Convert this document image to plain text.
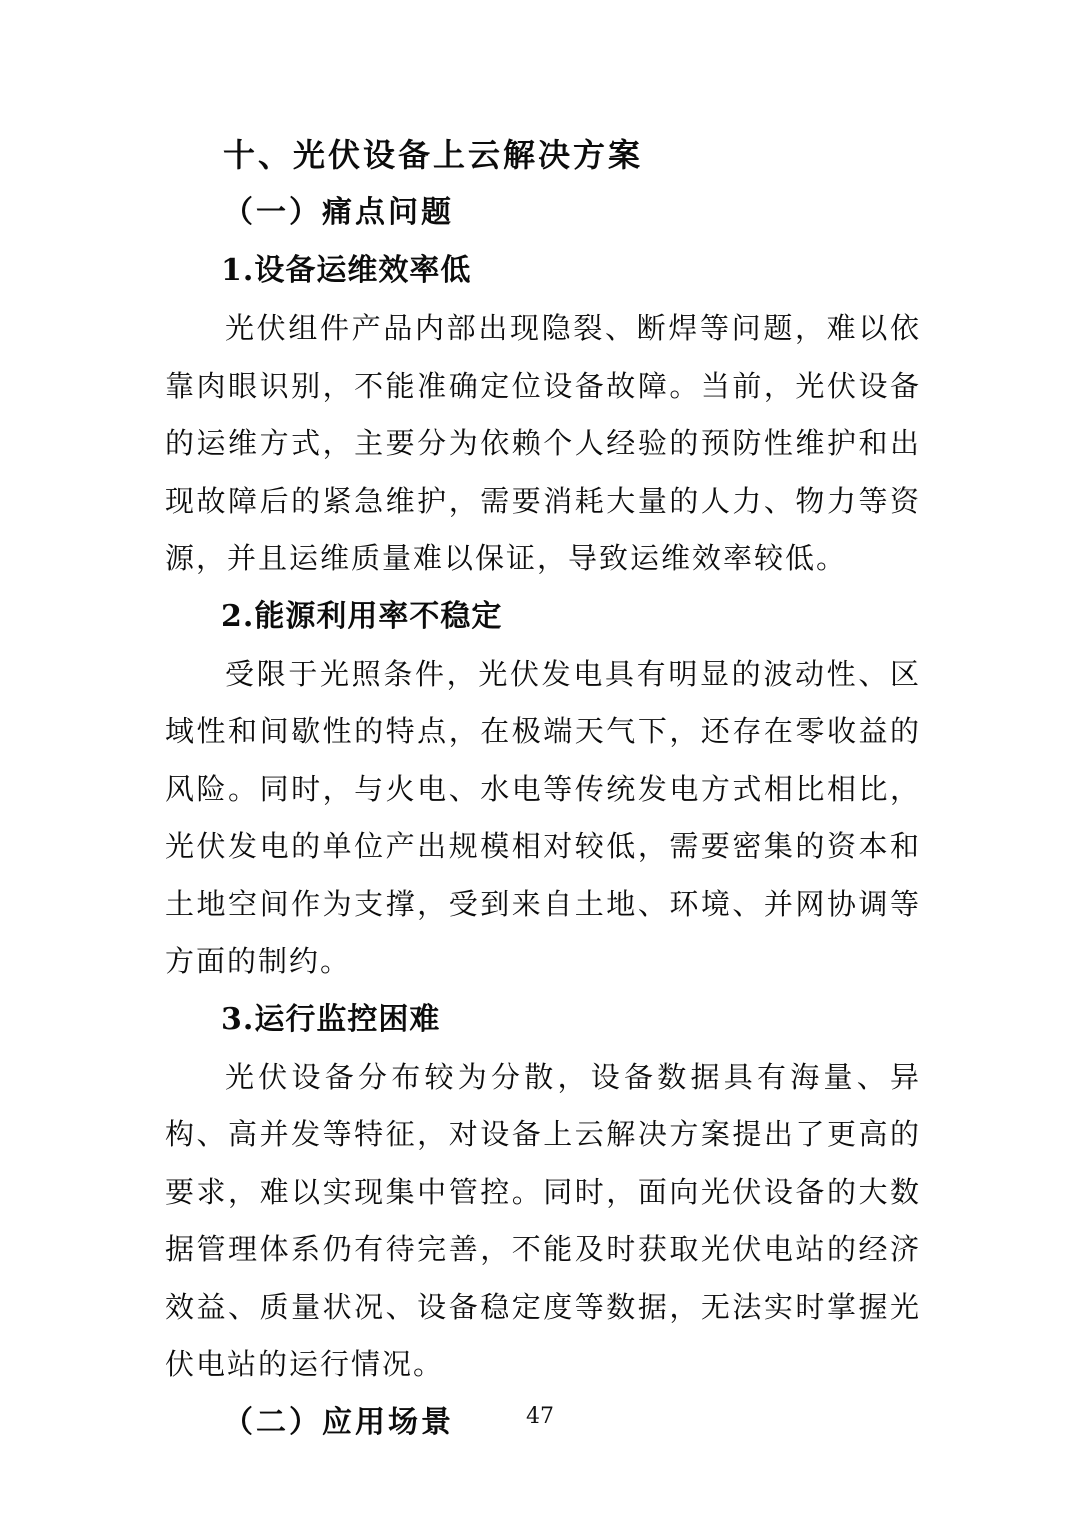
十、光伏设备上云解决方案
（一）痛点问题
1.设备运维效率低

光伏组件产品内部出现隐裂、断焊等问题，难以依靠肉眼识别，不能准确定位设备故障。当前，光伏设备的运维方式，主要分为依赖个人经验的预防性维护和出现故障后的紧急维护，需要消耗大量的人力、物力等资源，并且运维质量难以保证，导致运维效率较低。

2.能源利用率不稳定

受限于光照条件，光伏发电具有明显的波动性、区域性和间歇性的特点，在极端天气下，还存在零收益的风险。同时，与火电、水电等传统发电方式相比相比，光伏发电的单位产出规模相对较低，需要密集的资本和土地空间作为支撑，受到来自土地、环境、并网协调等方面的制约。

3.运行监控困难

光伏设备分布较为分散，设备数据具有海量、异构、高并发等特征，对设备上云解决方案提出了更高的要求，难以实现集中管控。同时，面向光伏设备的大数据管理体系仍有待完善，不能及时获取光伏电站的经济效益、质量状况、设备稳定度等数据，无法实时掌握光伏电站的运行情况。

（二）应用场景	47
